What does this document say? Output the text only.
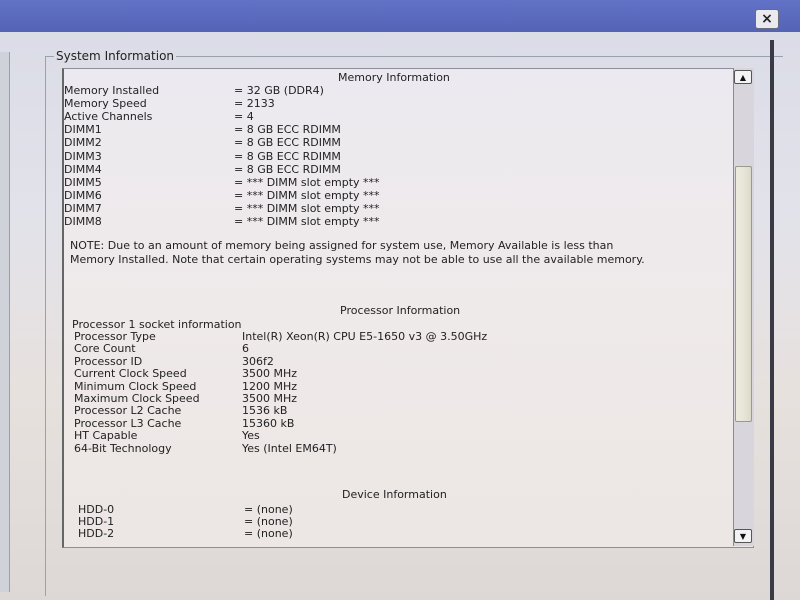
×
System Information
Memory Information
Memory Installed	= 32 GB (DDR4)
Memory Speed	= 2133
Active Channels	= 4
DIMM1	= 8 GB ECC RDIMM
DIMM2	= 8 GB ECC RDIMM
DIMM3	= 8 GB ECC RDIMM
DIMM4	= 8 GB ECC RDIMM
DIMM5	= *** DIMM slot empty ***
DIMM6	= *** DIMM slot empty ***
DIMM7	= *** DIMM slot empty ***
DIMM8	= *** DIMM slot empty ***
NOTE: Due to an amount of memory being assigned for system use, Memory Available is less than Memory Installed. Note that certain operating systems may not be able to use all the available memory.
Processor Information
Processor 1 socket information
Processor Type	Intel(R) Xeon(R) CPU E5-1650 v3 @ 3.50GHz
Core Count	6
Processor ID	306f2
Current Clock Speed	3500 MHz
Minimum Clock Speed	1200 MHz
Maximum Clock Speed	3500 MHz
Processor L2 Cache	1536 kB
Processor L3 Cache	15360 kB
HT Capable	Yes
64-Bit Technology	Yes (Intel EM64T)
Device Information
HDD-0	= (none)
HDD-1	= (none)
HDD-2	= (none)
▲
▼
